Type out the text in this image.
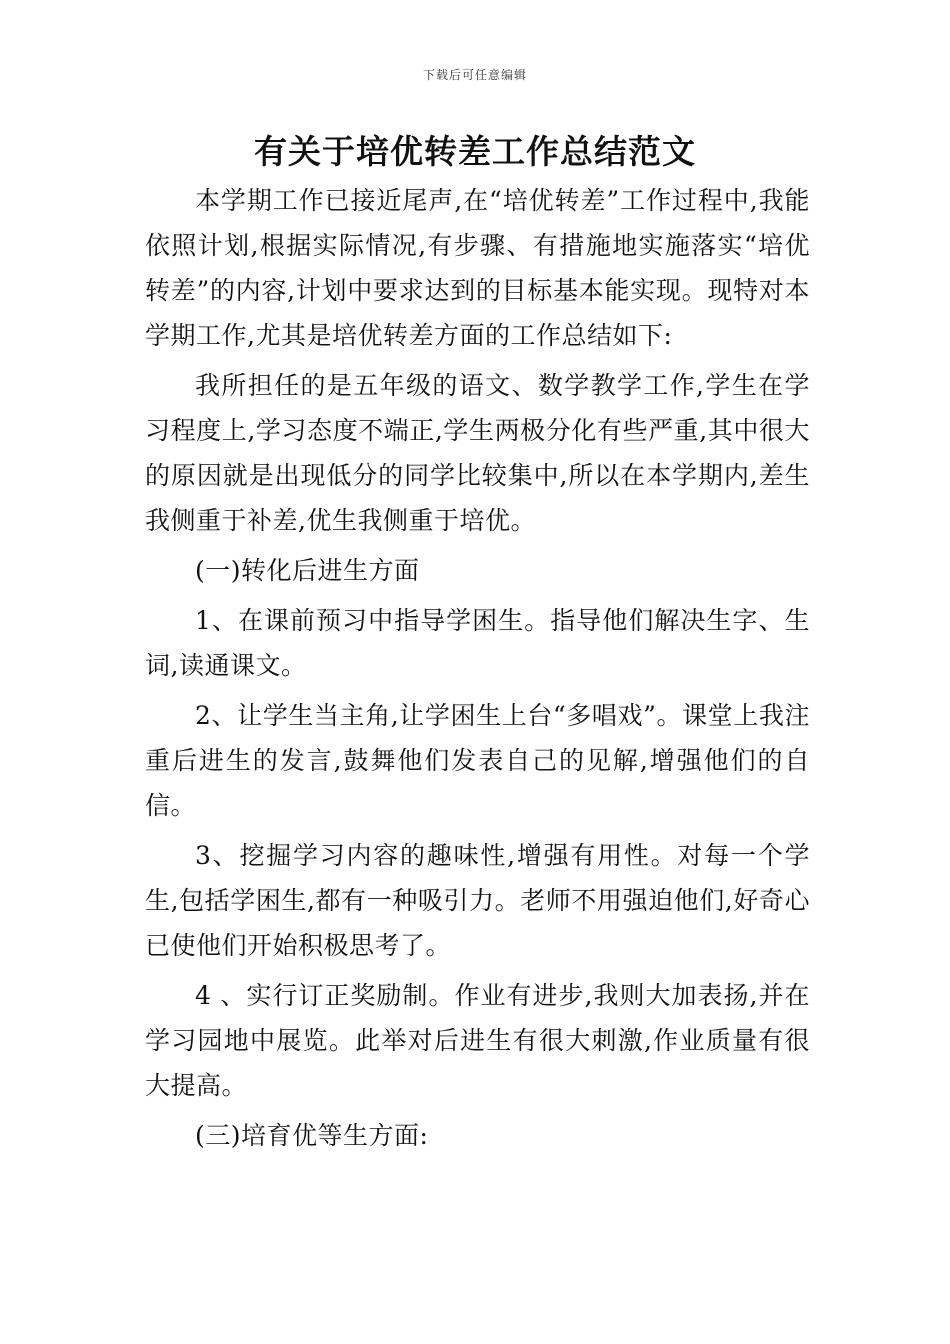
下载后可任意编辑
有关于培优转差工作总结范文

本学期工作已接近尾声,在“培优转差”工作过程中,我能依照计划,根据实际情况,有步骤、有措施地实施落实“培优转差”的内容,计划中要求达到的目标基本能实现。现特对本学期工作,尤其是培优转差方面的工作总结如下:

我所担任的是五年级的语文、数学教学工作,学生在学习程度上,学习态度不端正,学生两极分化有些严重,其中很大的原因就是出现低分的同学比较集中,所以在本学期内,差生我侧重于补差,优生我侧重于培优。

(一)转化后进生方面

1、在课前预习中指导学困生。指导他们解决生字、生词,读通课文。

2、让学生当主角,让学困生上台“多唱戏”。课堂上我注重后进生的发言,鼓舞他们发表自己的见解,增强他们的自信。

3、挖掘学习内容的趣味性,增强有用性。对每一个学生,包括学困生,都有一种吸引力。老师不用强迫他们,好奇心已使他们开始积极思考了。

4 、实行订正奖励制。作业有进步,我则大加表扬,并在学习园地中展览。此举对后进生有很大刺激,作业质量有很大提高。

(三)培育优等生方面:
